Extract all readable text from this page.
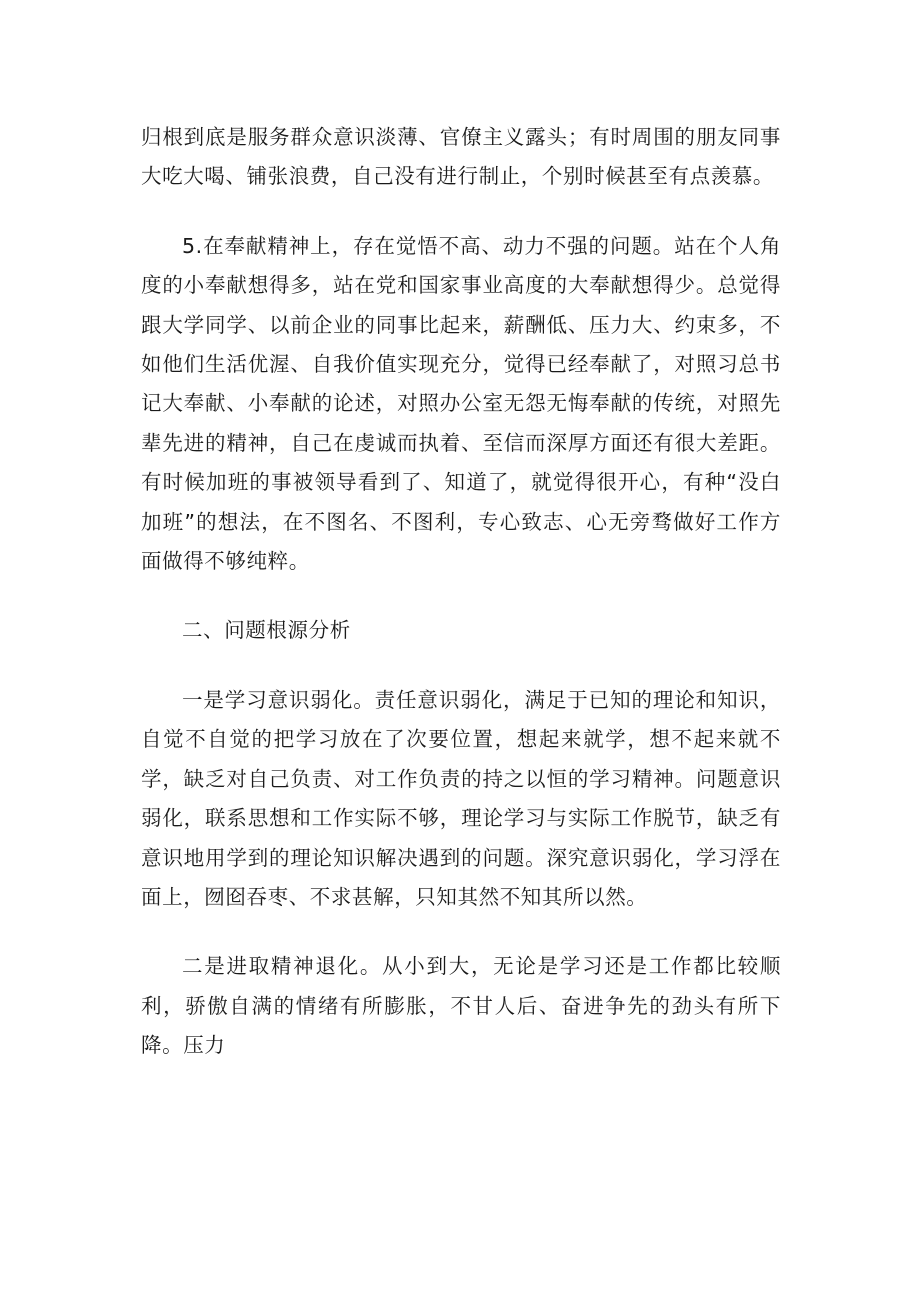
归根到底是服务群众意识淡薄、官僚主义露头；有时周围的朋友同事大吃大喝、铺张浪费，自己没有进行制止，个别时候甚至有点羡慕。

5.在奉献精神上，存在觉悟不高、动力不强的问题。站在个人角度的小奉献想得多，站在党和国家事业高度的大奉献想得少。总觉得跟大学同学、以前企业的同事比起来，薪酬低、压力大、约束多，不如他们生活优渥、自我价值实现充分，觉得已经奉献了，对照习总书记大奉献、小奉献的论述，对照办公室无怨无悔奉献的传统，对照先辈先进的精神，自己在虔诚而执着、至信而深厚方面还有很大差距。有时候加班的事被领导看到了、知道了，就觉得很开心，有种“没白加班”的想法，在不图名、不图利，专心致志、心无旁骛做好工作方面做得不够纯粹。

二、问题根源分析

一是学习意识弱化。责任意识弱化，满足于已知的理论和知识，自觉不自觉的把学习放在了次要位置，想起来就学，想不起来就不学，缺乏对自己负责、对工作负责的持之以恒的学习精神。问题意识弱化，联系思想和工作实际不够，理论学习与实际工作脱节，缺乏有意识地用学到的理论知识解决遇到的问题。深究意识弱化，学习浮在面上，囫囵吞枣、不求甚解，只知其然不知其所以然。

二是进取精神退化。从小到大，无论是学习还是工作都比较顺利，骄傲自满的情绪有所膨胀，不甘人后、奋进争先的劲头有所下降。压力
